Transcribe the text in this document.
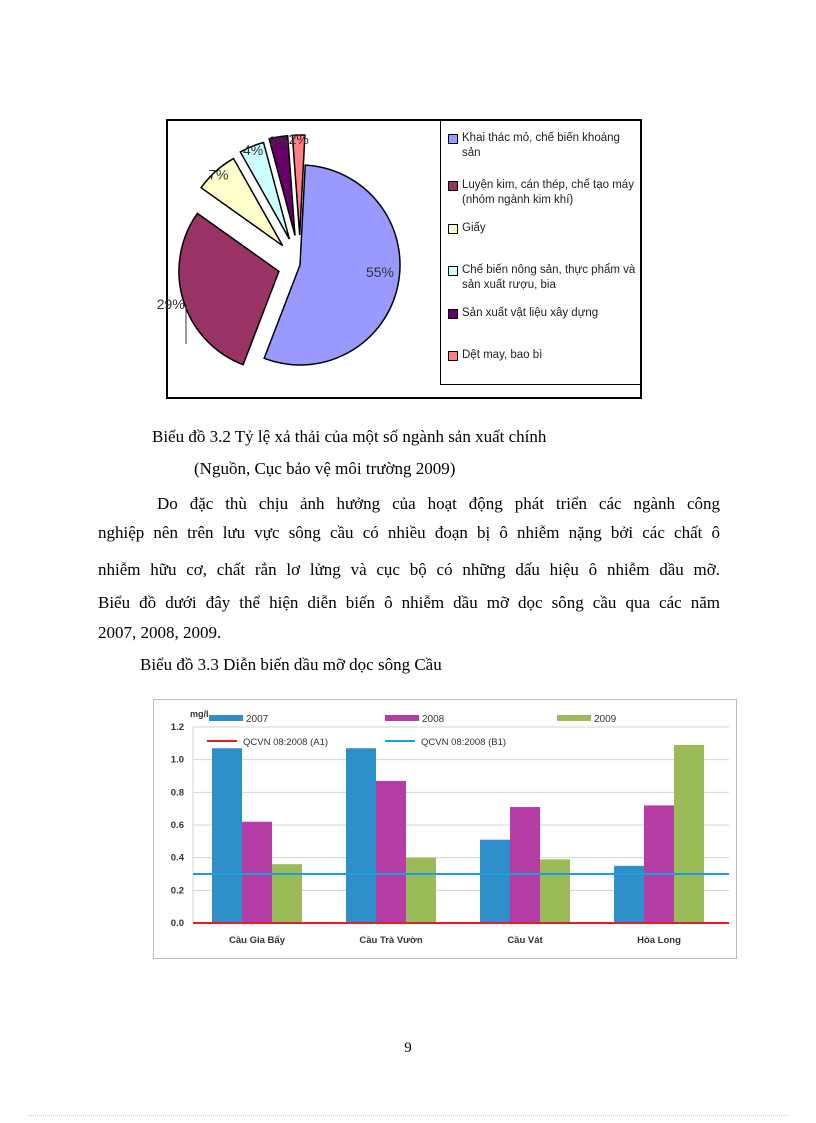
55%
29%
7%
4%
3% 2%	Khai thác mỏ, chế biến khoáng sản
Luyện kim, cán thép, chế tạo máy (nhóm ngành kim khí)
Giấy
Chế biến nông sản, thực phẩm và sản xuất rượu, bia
Sản xuất vật liệu xây dựng
Dệt may, bao bì
Biểu đồ 3.2 Tỷ lệ xả thải của một số ngành sản xuất chính
(Nguồn, Cục bảo vệ môi trường 2009)
Do đặc thù chịu ảnh hưởng của hoạt động phát triển các ngành công
nghiệp nên trên lưu vực sông cầu có nhiều đoạn bị ô nhiễm nặng bởi các chất ô
nhiễm hữu cơ, chất rắn lơ lửng và cục bộ có những dấu hiệu ô nhiễm dầu mỡ.
Biểu đồ dưới đây thể hiện diễn biến ô nhiễm dầu mỡ dọc sông cầu qua các năm
2007, 2008, 2009.
Biểu đồ 3.3 Diễn biến dầu mỡ dọc sông Cầu
0.0
0.2
0.4
0.6
0.8
1.0
1.2
Cầu Gia Bẩy	Cầu Trà Vườn	Cầu Vát	Hòa Long
2007	2008	2009
QCVN 08:2008 (A1)	QCVN 08:2008 (B1)
mg/l
9
